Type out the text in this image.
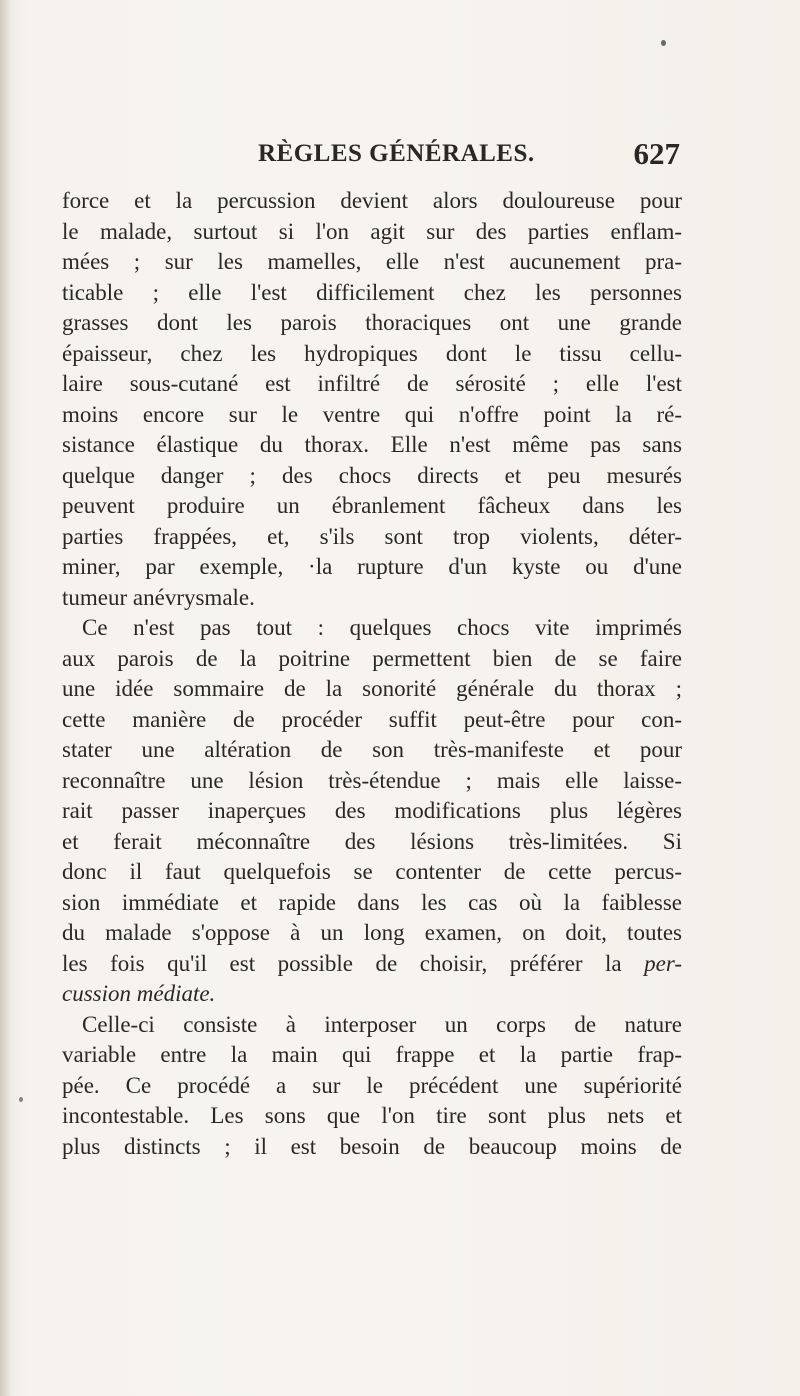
RÈGLES GÉNÉRALES.	627
force et la percussion devient alors douloureuse pour
le malade, surtout si l'on agit sur des parties enflam-
mées ; sur les mamelles, elle n'est aucunement pra-
ticable ; elle l'est difficilement chez les personnes
grasses dont les parois thoraciques ont une grande
épaisseur, chez les hydropiques dont le tissu cellu-
laire sous-cutané est infiltré de sérosité ; elle l'est
moins encore sur le ventre qui n'offre point la ré-
sistance élastique du thorax. Elle n'est même pas sans
quelque danger ; des chocs directs et peu mesurés
peuvent produire un ébranlement fâcheux dans les
parties frappées, et, s'ils sont trop violents, déter-
miner, par exemple, ·la rupture d'un kyste ou d'une
tumeur anévrysmale.
Ce n'est pas tout : quelques chocs vite imprimés
aux parois de la poitrine permettent bien de se faire
une idée sommaire de la sonorité générale du thorax ;
cette manière de procéder suffit peut-être pour con-
stater une altération de son très-manifeste et pour
reconnaître une lésion très-étendue ; mais elle laisse-
rait passer inaperçues des modifications plus légères
et ferait méconnaître des lésions très-limitées. Si
donc il faut quelquefois se contenter de cette percus-
sion immédiate et rapide dans les cas où la faiblesse
du malade s'oppose à un long examen, on doit, toutes
les fois qu'il est possible de choisir, préférer la per-
cussion médiate.
Celle-ci consiste à interposer un corps de nature
variable entre la main qui frappe et la partie frap-
pée. Ce procédé a sur le précédent une supériorité
incontestable. Les sons que l'on tire sont plus nets et
plus distincts ; il est besoin de beaucoup moins de
